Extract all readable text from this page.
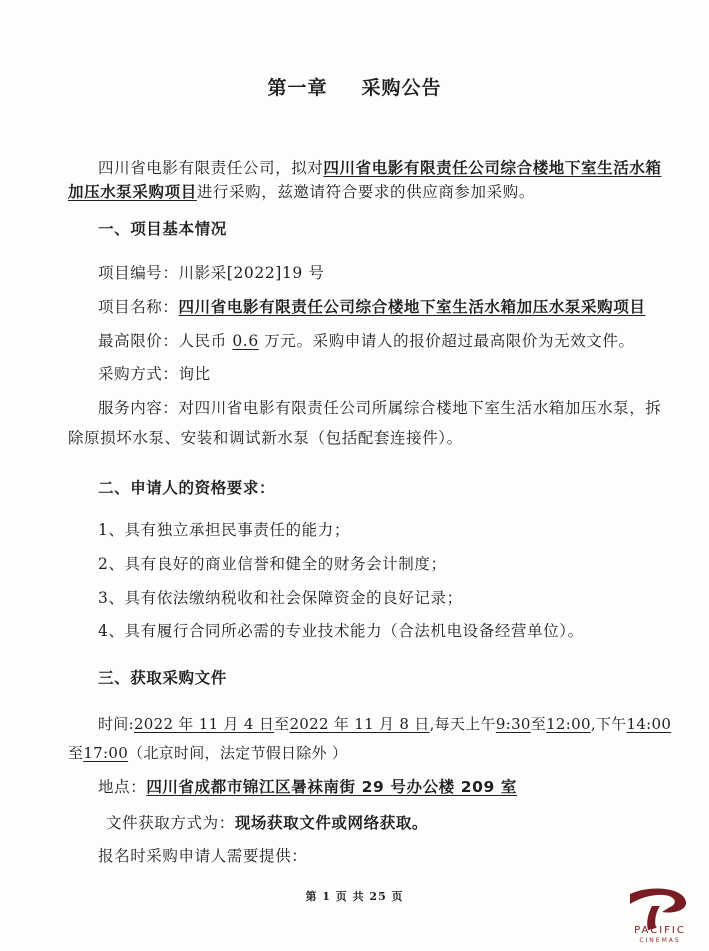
第一章 采购公告
四川省电影有限责任公司，拟对四川省电影有限责任公司综合楼地下室生活水箱
加压水泵采购项目进行采购，兹邀请符合要求的供应商参加采购。
一、项目基本情况
项目编号：川影采[2022]19 号
项目名称：四川省电影有限责任公司综合楼地下室生活水箱加压水泵采购项目
最高限价：人民币 0.6 万元。采购申请人的报价超过最高限价为无效文件。
采购方式：询比
服务内容：对四川省电影有限责任公司所属综合楼地下室生活水箱加压水泵，拆
除原损坏水泵、安装和调试新水泵（包括配套连接件）。
二、申请人的资格要求：
1、具有独立承担民事责任的能力；
2、具有良好的商业信誉和健全的财务会计制度；
3、具有依法缴纳税收和社会保障资金的良好记录；
4、具有履行合同所必需的专业技术能力（合法机电设备经营单位）。
三、获取采购文件
时间:2022 年 11 月 4 日至2022 年 11 月 8 日,每天上午9:30至12:00,下午14:00
至17:00（北京时间，法定节假日除外 ）
地点：四川省成都市锦江区暑袜南街 29 号办公楼 209 室
文件获取方式为：现场获取文件或网络获取。
报名时采购申请人需要提供：
第 1 页 共 25 页
PACIFIC
CINEMAS
